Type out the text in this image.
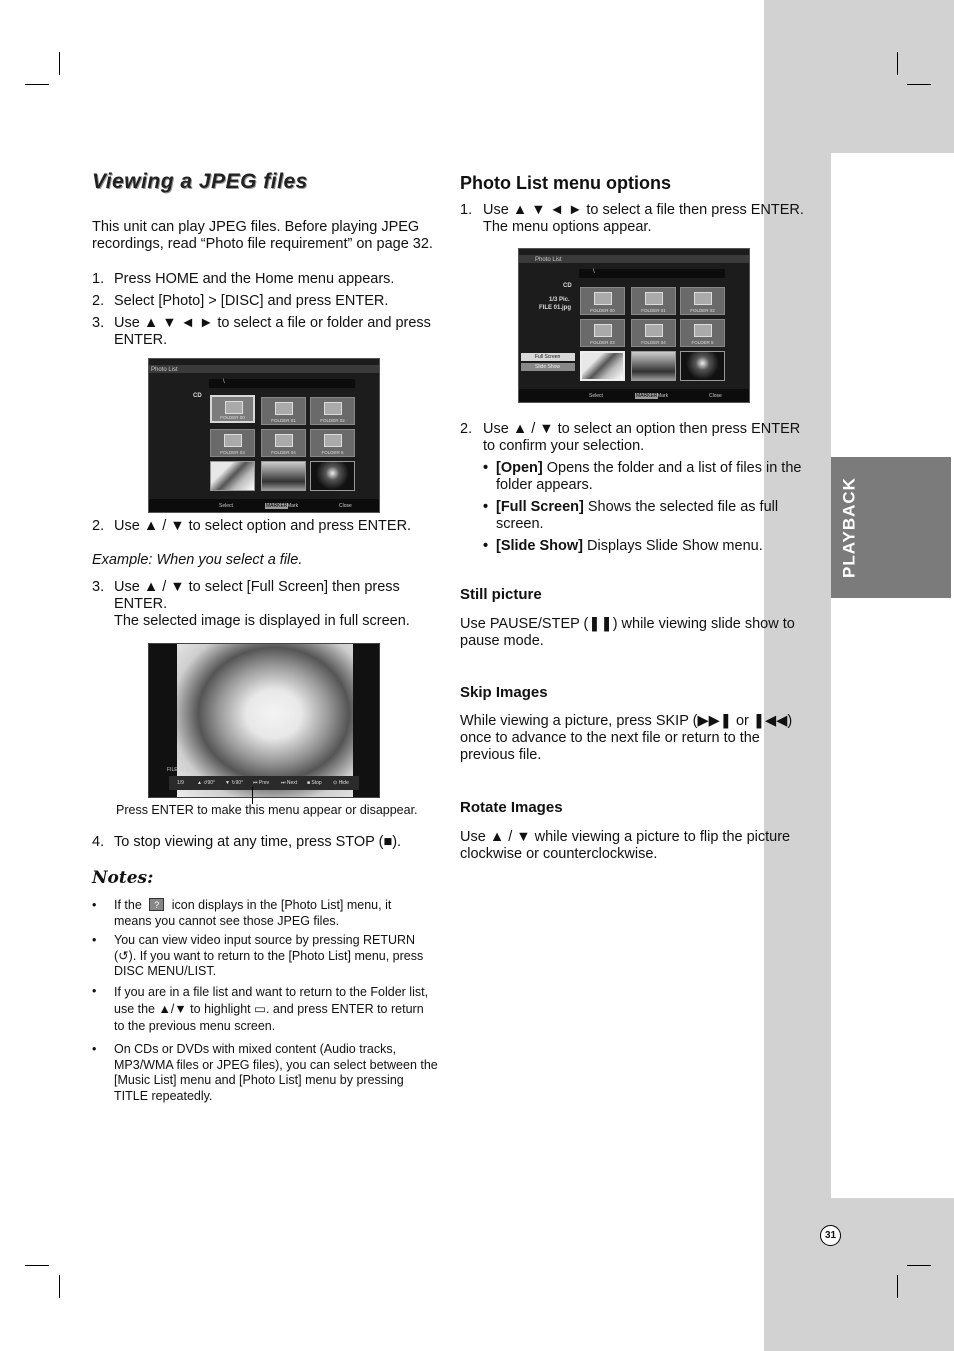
PLAYBACK
31
Viewing a JPEG files
This unit can play JPEG files. Before playing JPEG recordings, read “Photo file requirement” on page 32.
1. Press HOME and the Home menu appears.
2. Select [Photo] > [DISC] and press ENTER.
3. Use ▲ ▼ ◄ ► to select a file or folder and press ENTER.
Photo List
\
CD
FOLDER 00
FOLDER 01	FOLDER 02
FOLDER 03	FOLDER 04	FOLDER 5
Select	MARKER Mark	Close
2. Use ▲ / ▼ to select option and press ENTER.
Example: When you select a file.
3. Use ▲ / ▼ to select [Full Screen] then press ENTER.
The selected image is displayed in full screen.
FILE 01.jpg
1/9	▲ ↺90° ▼ ↻90° ⏮ Prev ⏭ Next ■ Stop ⊙ Hide
Press ENTER to make this menu appear or disappear.
4. To stop viewing at any time, press STOP (■).
Notes:
• If the ? icon displays in the [Photo List] menu, it means you cannot see those JPEG files.
• You can view video input source by pressing RETURN (↺). If you want to return to the [Photo List] menu, press DISC MENU/LIST.
• If you are in a file list and want to return to the Folder list, use the ▲/▼ to highlight ▭. and press ENTER to return to the previous menu screen.
• On CDs or DVDs with mixed content (Audio tracks, MP3/WMA files or JPEG files), you can select between the [Music List] menu and [Photo List] menu by pressing TITLE repeatedly.
Photo List menu options
1. Use ▲ ▼ ◄ ► to select a file then press ENTER. The menu options appear.
Photo List
\
CD
1/3 Pic.
FILE 01.jpg	FOLDER 00	FOLDER 01	FOLDER 02
FOLDER 03	FOLDER 04	FOLDER 5
Full Screen
Slide Show
Select	MARKER Mark	Close
2. Use ▲ / ▼ to select an option then press ENTER to confirm your selection.
• [Open] Opens the folder and a list of files in the folder appears.
• [Full Screen] Shows the selected file as full screen.
• [Slide Show] Displays Slide Show menu.
Still picture
Use PAUSE/STEP (❚❚) while viewing slide show to pause mode.
Skip Images
While viewing a picture, press SKIP (▶▶❚ or ❚◀◀) once to advance to the next file or return to the previous file.
Rotate Images
Use ▲ / ▼ while viewing a picture to flip the picture clockwise or counterclockwise.
